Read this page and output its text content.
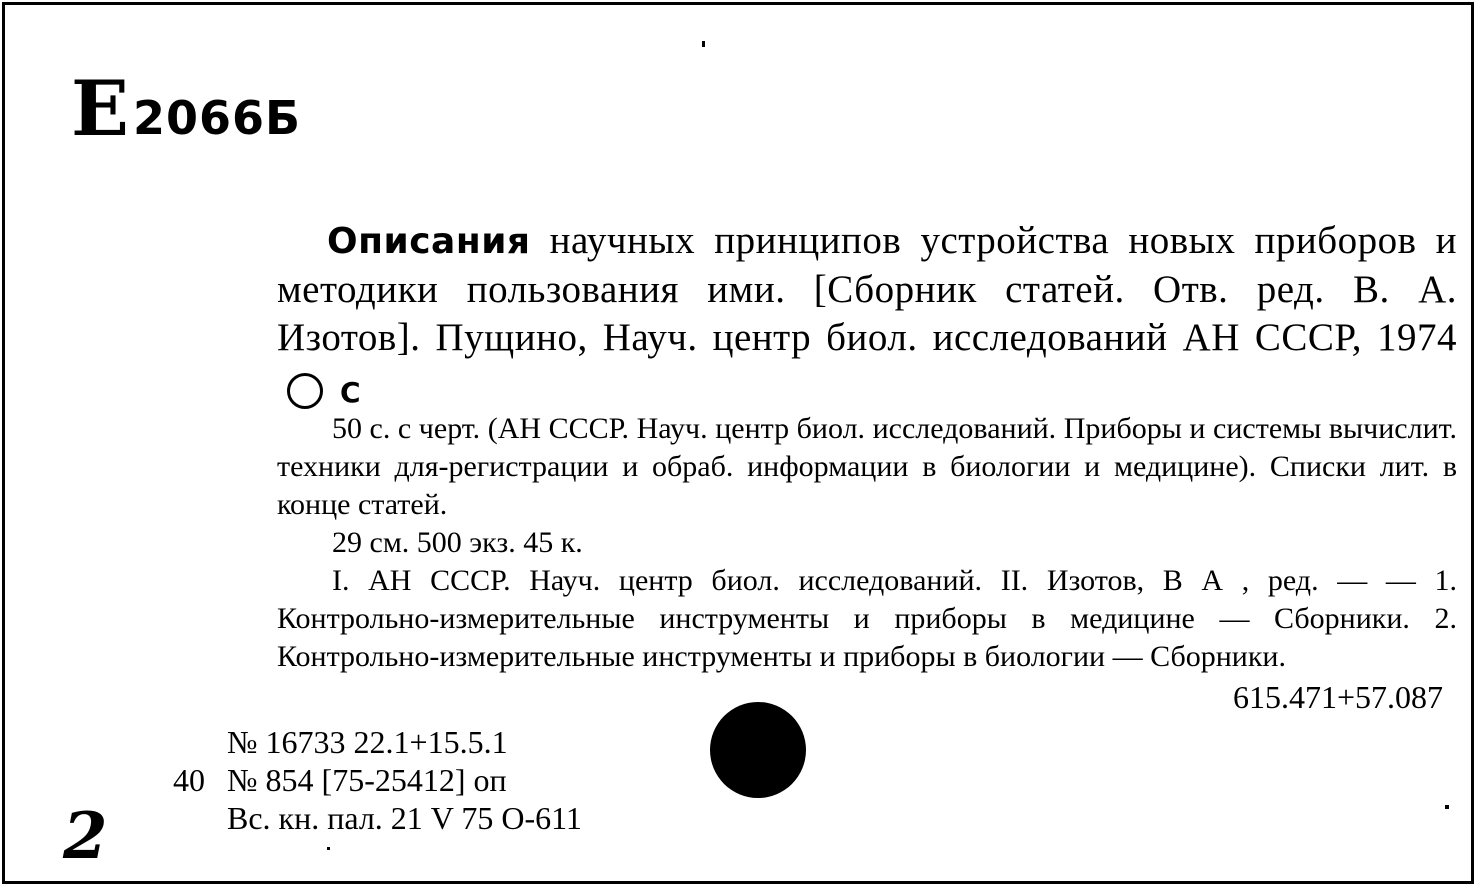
Е 2066Б

Описания научных принципов устройства новых приборов и методики пользования ими. [Сборник статей. Отв. ред. В. А. Изотов]. Пущино, Науч. центр биол. исследований АН СССР, 1974С

50 с. с черт. (АН СССР. Науч. центр биол. исследований. Приборы и системы вычислит. техники для-регистрации и обраб. информации в биологии и медицине). Списки лит. в конце статей.

29 см. 500 экз. 45 к.

I. АН СССР. Науч. центр биол. исследований. II. Изотов, В А , ред. — — 1. Контрольно-измерительные инструменты и приборы в медицине — Сборники. 2. Контрольно-измерительные инструменты и приборы в биологии — Сборники.

615.471+57.087
№ 16733 22.1+15.5.1
40 № 854 [75-25412] оп
Вс. кн. пал. 21 V 75 О-611
2
